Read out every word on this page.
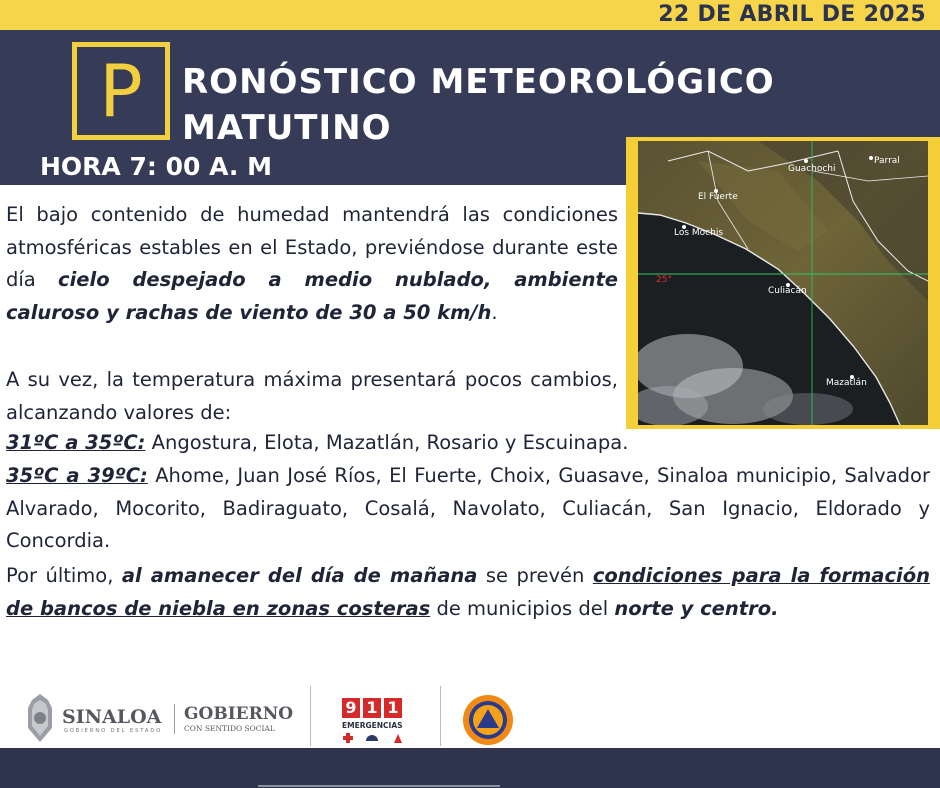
22 DE ABRIL DE 2025
P	RONÓSTICO METEOROLÓGICO
MATUTINO
HORA 7: 00 A. M	Guachochi
Parral
El Fuerte
Los Mochis
25°
Culiacán
Mazatlán

El bajo contenido de humedad mantendrá las condiciones atmosféricas estables en el Estado, previéndose durante este día cielo despejado a medio nublado, ambiente caluroso y rachas de viento de 30 a 50 km/h.

A su vez, la temperatura máxima presentará pocos cambios, alcanzando valores de:

31ºC a 35ºC: Angostura, Elota, Mazatlán, Rosario y Escuinapa.

35ºC a 39ºC: Ahome, Juan José Ríos, El Fuerte, Choix, Guasave, Sinaloa municipio, Salvador Alvarado, Mocorito, Badiraguato, Cosalá, Navolato, Culiacán, San Ignacio, Eldorado y Concordia.

Por último, al amanecer del día de mañana se prevén condiciones para la formación de bancos de niebla en zonas costeras de municipios del norte y centro.

SINALOA
GOBIERNO DEL ESTADO
GOBIERNO
CON SENTIDO SOCIAL
9 1 1
EMERGENCIAS
